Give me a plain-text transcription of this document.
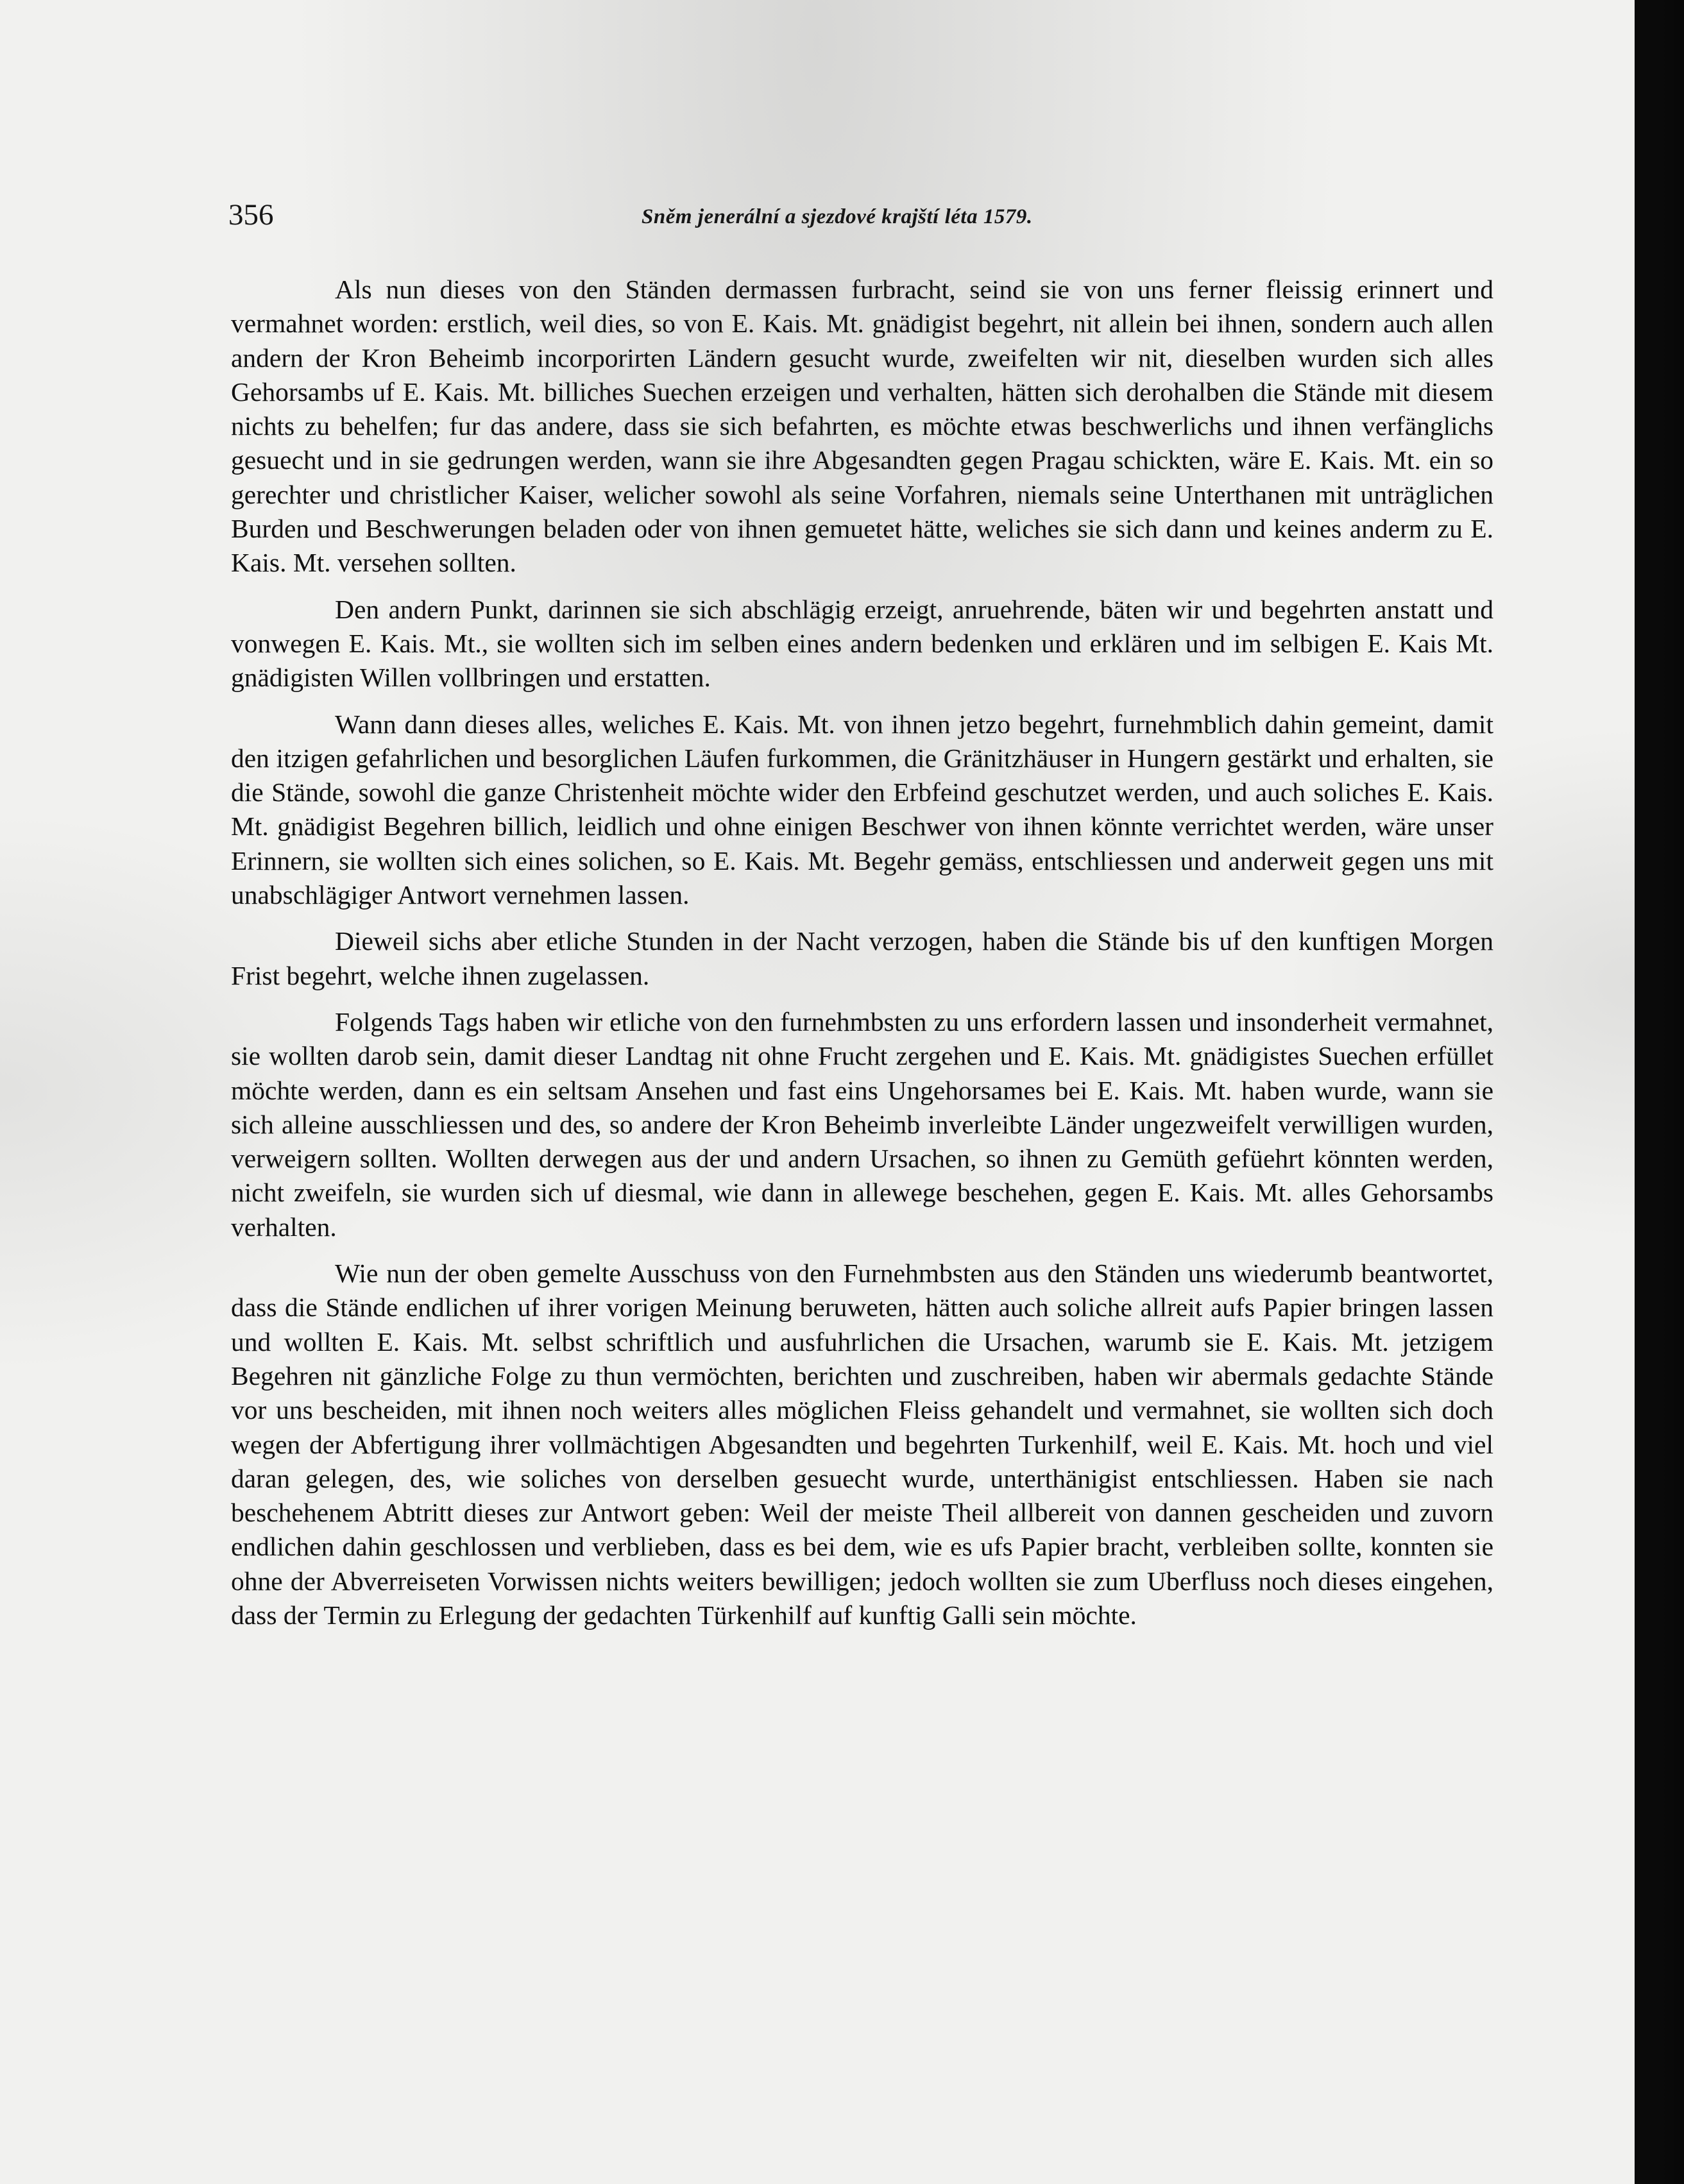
356	Sněm jenerální a sjezdové krajští léta 1579.

Als nun dieses von den Ständen dermassen furbracht, seind sie von uns ferner fleissig erinnert und vermahnet worden: erstlich, weil dies, so von E. Kais. Mt. gnädigist begehrt, nit allein bei ihnen, sondern auch allen andern der Kron Beheimb incorporirten Ländern gesucht wurde, zweifelten wir nit, dieselben wurden sich alles Gehorsambs uf E. Kais. Mt. billiches Suechen erzeigen und verhalten, hätten sich derohalben die Stände mit diesem nichts zu behelfen; fur das andere, dass sie sich befahrten, es möchte etwas beschwerlichs und ihnen verfänglichs gesuecht und in sie gedrungen werden, wann sie ihre Abgesandten gegen Pragau schickten, wäre E. Kais. Mt. ein so gerechter und christlicher Kaiser, welicher sowohl als seine Vorfahren, niemals seine Unterthanen mit unträglichen Burden und Beschwerungen beladen oder von ihnen gemuetet hätte, weliches sie sich dann und keines anderm zu E. Kais. Mt. versehen sollten.

Den andern Punkt, darinnen sie sich abschlägig erzeigt, anruehrende, bäten wir und begehrten anstatt und vonwegen E. Kais. Mt., sie wollten sich im selben eines andern bedenken und erklären und im selbigen E. Kais Mt. gnädigisten Willen vollbringen und erstatten.

Wann dann dieses alles, weliches E. Kais. Mt. von ihnen jetzo begehrt, furnehmblich dahin gemeint, damit den itzigen gefahrlichen und besorglichen Läufen furkommen, die Gränitzhäuser in Hungern gestärkt und erhalten, sie die Stände, sowohl die ganze Christenheit möchte wider den Erbfeind geschutzet werden, und auch soliches E. Kais. Mt. gnädigist Begehren billich, leidlich und ohne einigen Beschwer von ihnen könnte verrichtet werden, wäre unser Erinnern, sie wollten sich eines solichen, so E. Kais. Mt. Begehr gemäss, entschliessen und anderweit gegen uns mit unabschlägiger Antwort vernehmen lassen.

Dieweil sichs aber etliche Stunden in der Nacht verzogen, haben die Stände bis uf den kunftigen Morgen Frist begehrt, welche ihnen zugelassen.

Folgends Tags haben wir etliche von den furnehmbsten zu uns erfordern lassen und insonderheit vermahnet, sie wollten darob sein, damit dieser Landtag nit ohne Frucht zergehen und E. Kais. Mt. gnädigistes Suechen erfüllet möchte werden, dann es ein seltsam Ansehen und fast eins Ungehorsames bei E. Kais. Mt. haben wurde, wann sie sich alleine ausschliessen und des, so andere der Kron Beheimb inverleibte Länder ungezweifelt verwilligen wurden, verweigern sollten. Wollten derwegen aus der und andern Ursachen, so ihnen zu Gemüth gefüehrt könnten werden, nicht zweifeln, sie wurden sich uf diesmal, wie dann in allewege beschehen, gegen E. Kais. Mt. alles Gehorsambs verhalten.

Wie nun der oben gemelte Ausschuss von den Furnehmbsten aus den Ständen uns wiederumb beantwortet, dass die Stände endlichen uf ihrer vorigen Meinung beruweten, hätten auch soliche allreit aufs Papier bringen lassen und wollten E. Kais. Mt. selbst schriftlich und ausfuhrlichen die Ursachen, warumb sie E. Kais. Mt. jetzigem Begehren nit gänzliche Folge zu thun vermöchten, berichten und zuschreiben, haben wir abermals gedachte Stände vor uns bescheiden, mit ihnen noch weiters alles möglichen Fleiss gehandelt und vermahnet, sie wollten sich doch wegen der Abfertigung ihrer vollmächtigen Abgesandten und begehrten Turkenhilf, weil E. Kais. Mt. hoch und viel daran gelegen, des, wie soliches von derselben gesuecht wurde, unterthänigist entschliessen. Haben sie nach beschehenem Abtritt dieses zur Antwort geben: Weil der meiste Theil allbereit von dannen gescheiden und zuvorn endlichen dahin geschlossen und verblieben, dass es bei dem, wie es ufs Papier bracht, verbleiben sollte, konnten sie ohne der Abverreiseten Vorwissen nichts weiters bewilligen; jedoch wollten sie zum Uberfluss noch dieses eingehen, dass der Termin zu Erlegung der gedachten Türkenhilf auf kunftig Galli sein möchte.
